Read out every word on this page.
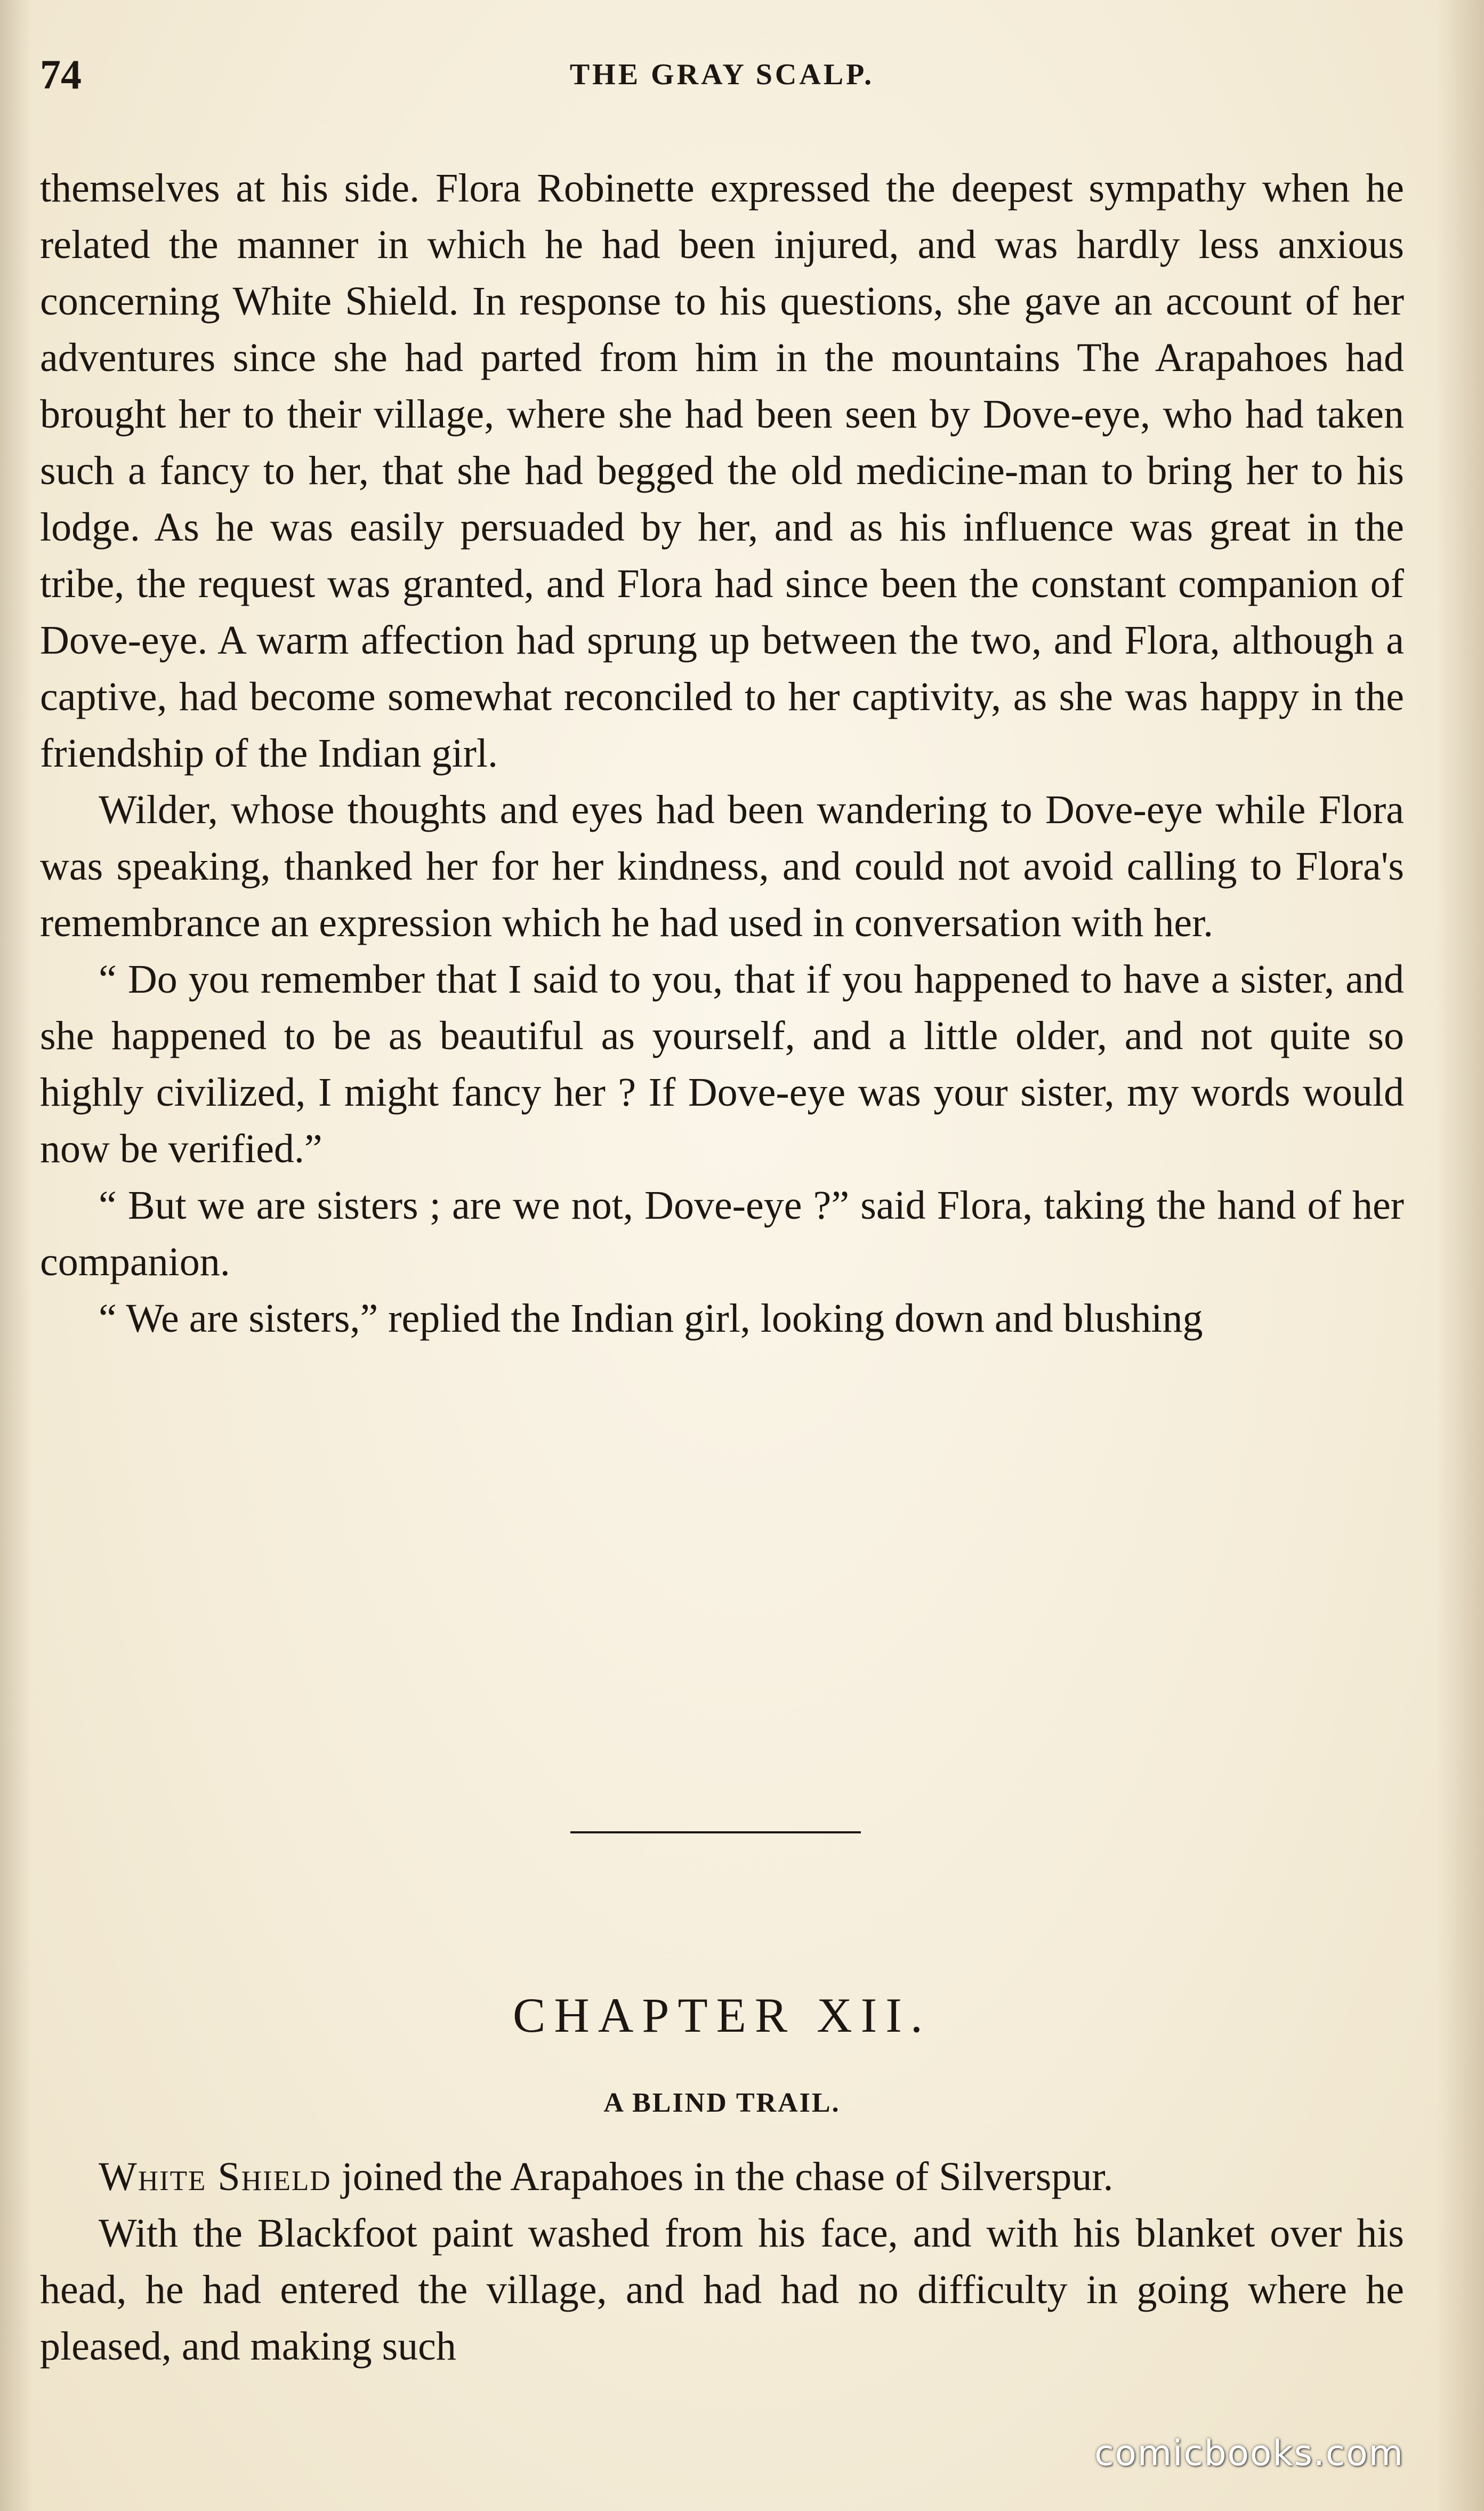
74	THE GRAY SCALP.

themselves at his side. Flora Robinette expressed the deepest sympathy when he related the manner in which he had been injured, and was hardly less anxious concerning White Shield. In response to his questions, she gave an account of her adventures since she had parted from him in the mountains The Arapahoes had brought her to their village, where she had been seen by Dove-eye, who had taken such a fancy to her, that she had begged the old medicine-man to bring her to his lodge. As he was easily persuaded by her, and as his influence was great in the tribe, the request was granted, and Flora had since been the constant companion of Dove-eye. A warm affection had sprung up between the two, and Flora, although a captive, had become somewhat reconciled to her captivity, as she was happy in the friendship of the Indian girl.

Wilder, whose thoughts and eyes had been wandering to Dove-eye while Flora was speaking, thanked her for her kindness, and could not avoid calling to Flora's remembrance an expression which he had used in conversation with her.

“ Do you remember that I said to you, that if you happened to have a sister, and she happened to be as beautiful as yourself, and a little older, and not quite so highly civilized, I might fancy her ? If Dove-eye was your sister, my words would now be verified.”

“ But we are sisters ; are we not, Dove-eye ?” said Flora, taking the hand of her companion.

“ We are sisters,” replied the Indian girl, looking down and blushing

CHAPTER XII.
A BLIND TRAIL.

White Shield joined the Arapahoes in the chase of Silverspur.

With the Blackfoot paint washed from his face, and with his blanket over his head, he had entered the village, and had had no difficulty in going where he pleased, and making such

comicbooks.com
